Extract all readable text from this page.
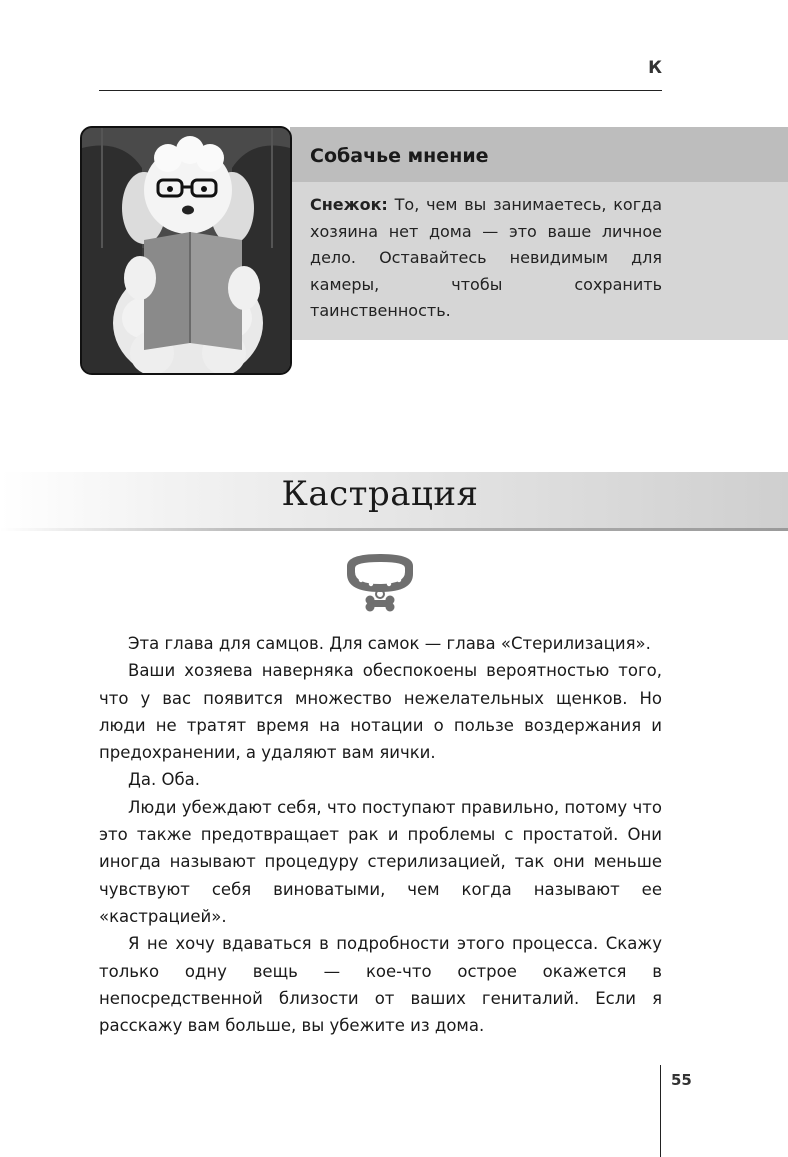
К
Собачье мнение
Снежок: То, чем вы занимаетесь, когда хозяина нет дома — это ваше личное дело. Оставайтесь невидимым для камеры, чтобы сохранить таинственность.
Кастрация

Эта глава для самцов. Для самок — глава «Стерилизация».

Ваши хозяева наверняка обеспокоены вероятностью того, что у вас появится множество нежелательных щенков. Но люди не тратят время на нотации о пользе воздержания и предохранении, а удаляют вам яички.

Да. Оба.

Люди убеждают себя, что поступают правильно, потому что это также предотвращает рак и проблемы с простатой. Они иногда называют процедуру стерилизацией, так они меньше чувствуют себя виноватыми, чем когда называют ее «кастрацией».

Я не хочу вдаваться в подробности этого процесса. Скажу только одну вещь — кое-что острое окажется в непосредственной близости от ваших гениталий. Если я расскажу вам больше, вы убежите из дома.

55
